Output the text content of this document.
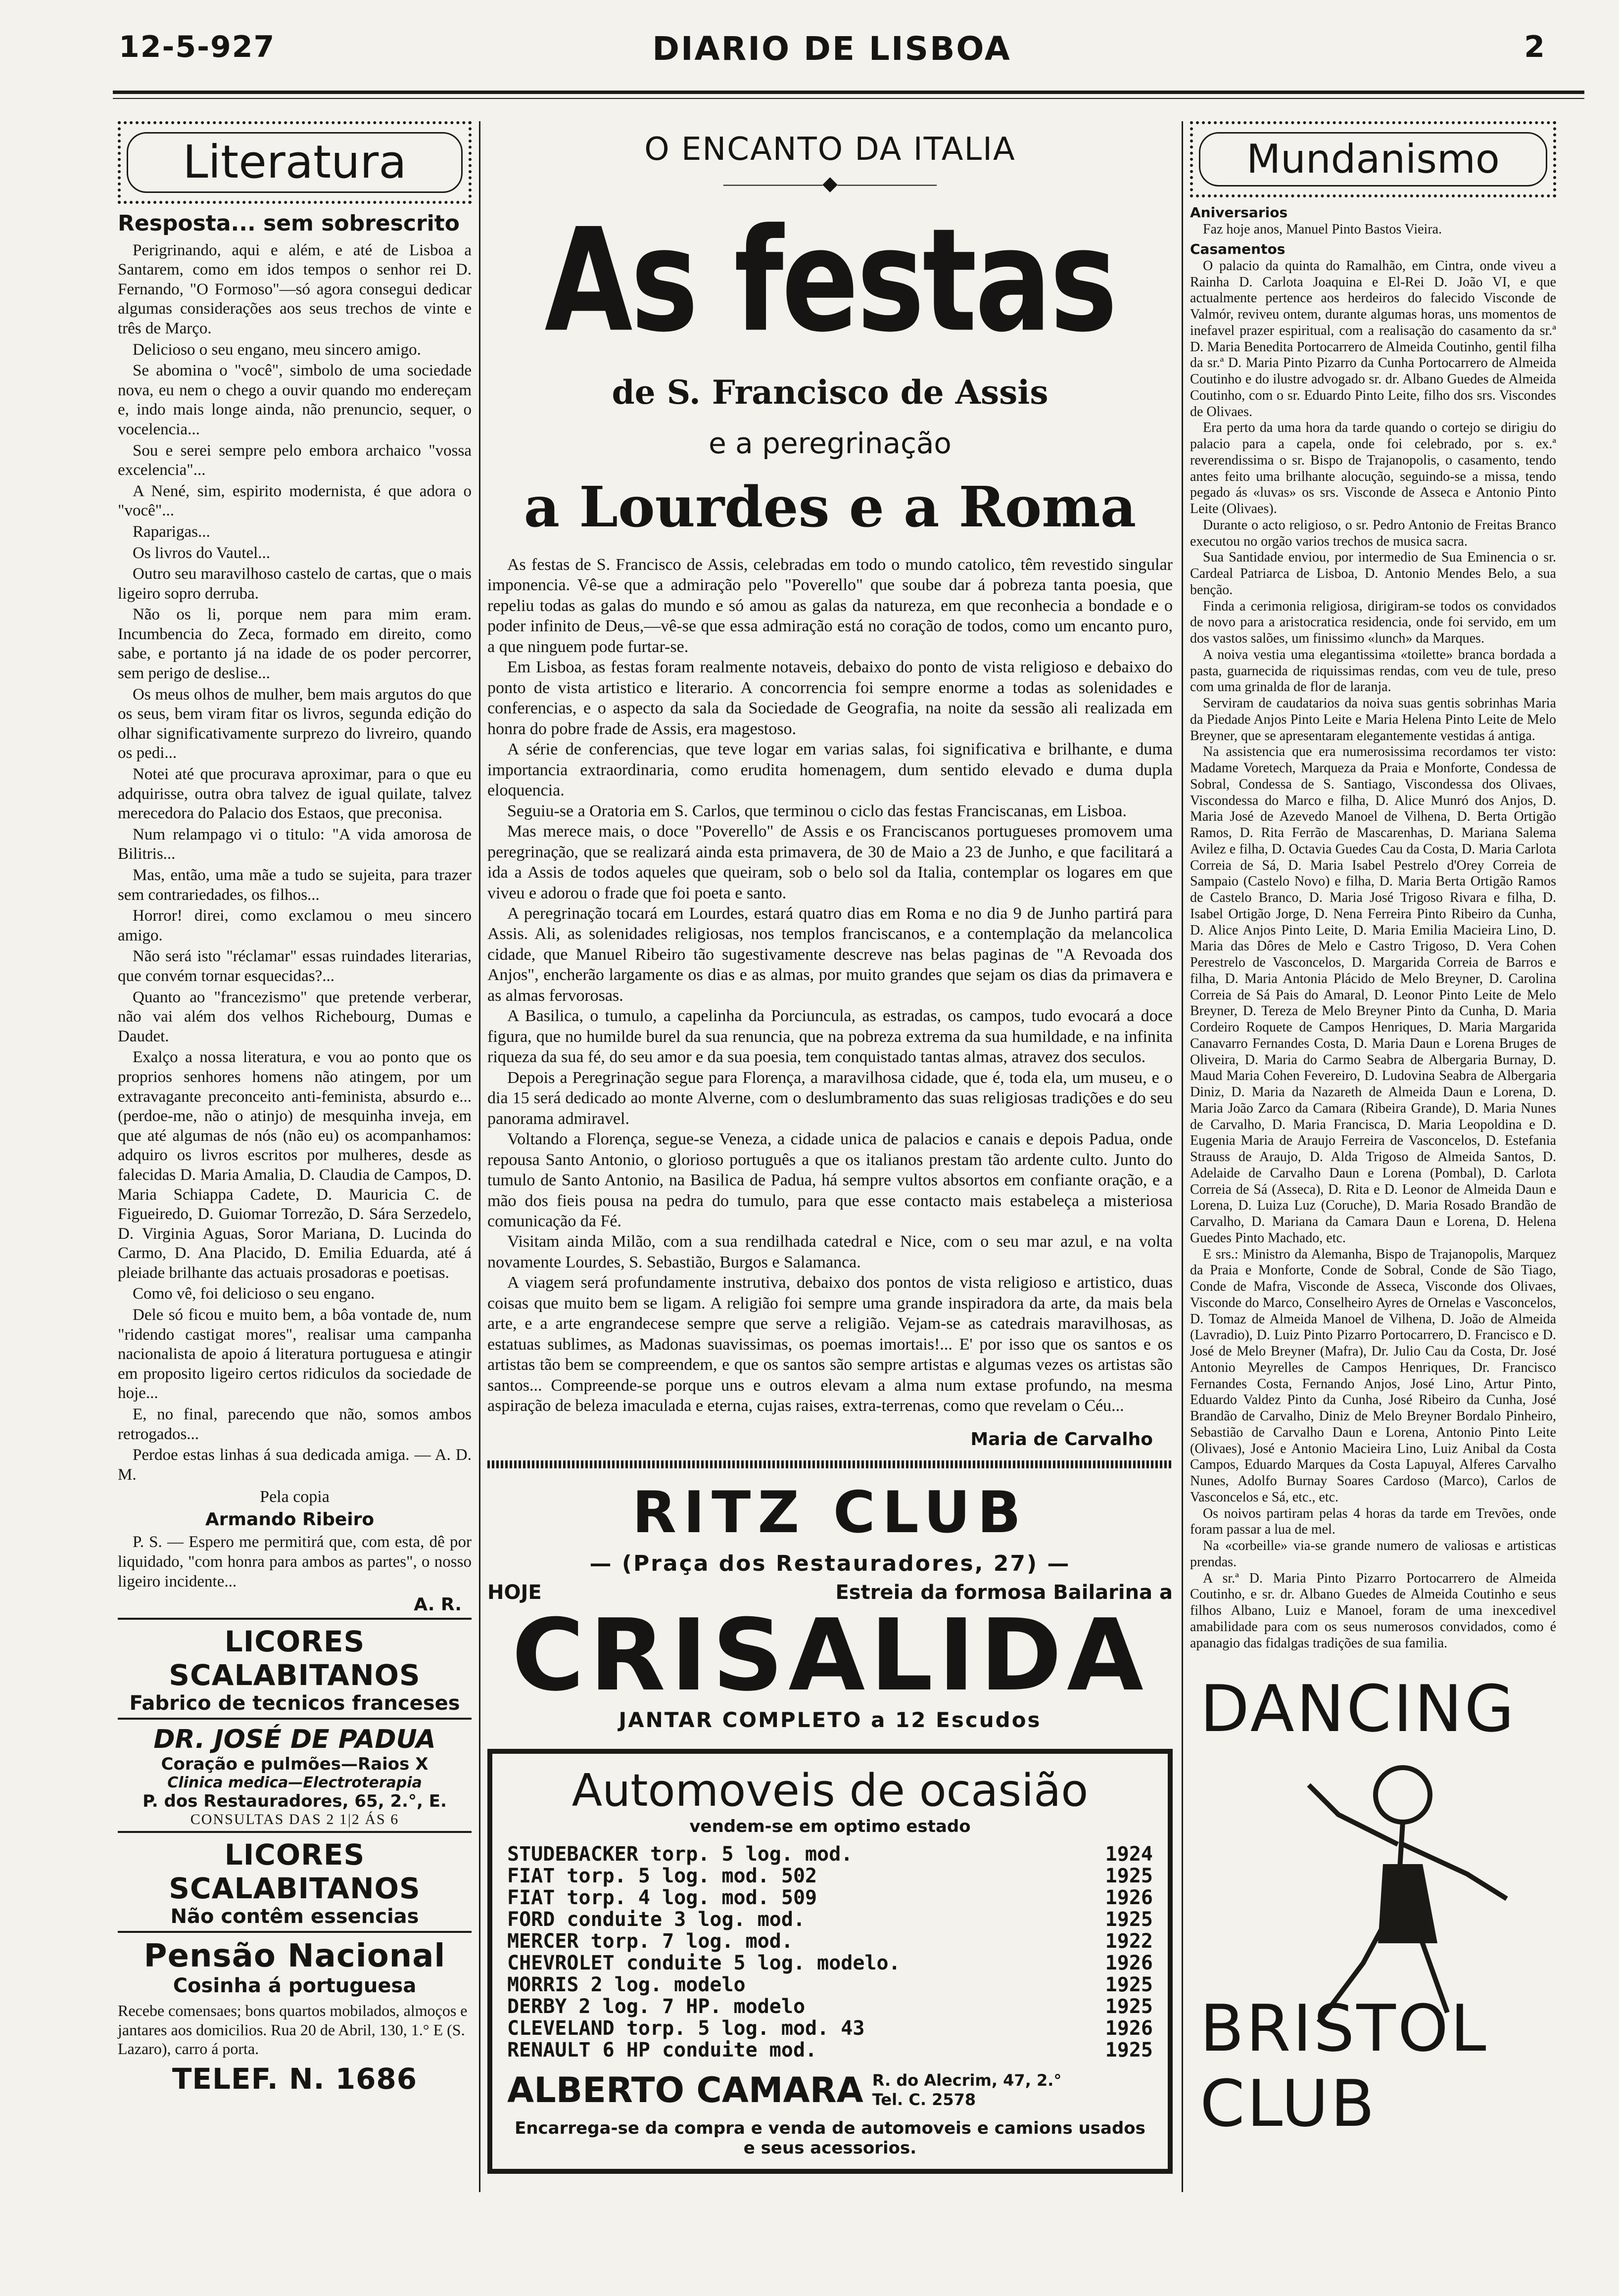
12-5-927	DIARIO DE LISBOA	2
Literatura
Resposta... sem sobrescrito

Perigrinando, aqui e além, e até de Lisboa a Santarem, como em idos tempos o senhor rei D. Fernando, "O Formoso"—só agora consegui dedicar algumas considerações aos seus trechos de vinte e três de Março.

Delicioso o seu engano, meu sincero amigo.

Se abomina o "você", simbolo de uma sociedade nova, eu nem o chego a ouvir quando mo endereçam e, indo mais longe ainda, não prenuncio, sequer, o vocelencia...

Sou e serei sempre pelo embora archaico "vossa excelencia"...

A Nené, sim, espirito modernista, é que adora o "você"...

Raparigas...

Os livros do Vautel...

Outro seu maravilhoso castelo de cartas, que o mais ligeiro sopro derruba.

Não os li, porque nem para mim eram. Incumbencia do Zeca, formado em direito, como sabe, e portanto já na idade de os poder percorrer, sem perigo de deslise...

Os meus olhos de mulher, bem mais argutos do que os seus, bem viram fitar os livros, segunda edição do olhar significativamente surprezo do livreiro, quando os pedi...

Notei até que procurava aproximar, para o que eu adquirisse, outra obra talvez de igual quilate, talvez merecedora do Palacio dos Estaos, que preconisa.

Num relampago vi o titulo: "A vida amorosa de Bilitris...

Mas, então, uma mãe a tudo se sujeita, para trazer sem contrariedades, os filhos...

Horror! direi, como exclamou o meu sincero amigo.

Não será isto "réclamar" essas ruindades literarias, que convém tornar esquecidas?...

Quanto ao "francezismo" que pretende verberar, não vai além dos velhos Richebourg, Dumas e Daudet.

Exalço a nossa literatura, e vou ao ponto que os proprios senhores homens não atingem, por um extravagante preconceito anti-feminista, absurdo e... (perdoe-me, não o atinjo) de mesquinha inveja, em que até algumas de nós (não eu) os acompanhamos: adquiro os livros escritos por mulheres, desde as falecidas D. Maria Amalia, D. Claudia de Campos, D. Maria Schiappa Cadete, D. Mauricia C. de Figueiredo, D. Guiomar Torrezão, D. Sára Serzedelo, D. Virginia Aguas, Soror Mariana, D. Lucinda do Carmo, D. Ana Placido, D. Emilia Eduarda, até á pleiade brilhante das actuais prosadoras e poetisas.

Como vê, foi delicioso o seu engano.

Dele só ficou e muito bem, a bôa vontade de, num "ridendo castigat mores", realisar uma campanha nacionalista de apoio á literatura portuguesa e atingir em proposito ligeiro certos ridiculos da sociedade de hoje...

E, no final, parecendo que não, somos ambos retrogados...

Perdoe estas linhas á sua dedicada amiga. — A. D. M.

Pela copia
Armando Ribeiro

P. S. — Espero me permitirá que, com esta, dê por liquidado, "com honra para ambos as partes", o nosso ligeiro incidente...

A. R.
LICORES SCALABITANOS
Fabrico de tecnicos franceses
DR. JOSÉ DE PADUA
Coração e pulmões—Raios X
Clinica medica—Electroterapia
P. dos Restauradores, 65, 2.°, E.
CONSULTAS DAS 2 1|2 ÁS 6
LICORES SCALABITANOS
Não contêm essencias
Pensão Nacional
Cosinha á portuguesa
Recebe comensaes; bons quartos mobilados, almoços e jantares aos domicilios. Rua 20 de Abril, 130, 1.° E (S. Lazaro), carro á porta.
TELEF. N. 1686
O ENCANTO DA ITALIA
—————◆—————
As festas
de S. Francisco de Assis
e a peregrinação
a Lourdes e a Roma

As festas de S. Francisco de Assis, celebradas em todo o mundo catolico, têm revestido singular imponencia. Vê-se que a admiração pelo "Poverello" que soube dar á pobreza tanta poesia, que repeliu todas as galas do mundo e só amou as galas da natureza, em que reconhecia a bondade e o poder infinito de Deus,—vê-se que essa admiração está no coração de todos, como um encanto puro, a que ninguem pode furtar-se.

Em Lisboa, as festas foram realmente notaveis, debaixo do ponto de vista religioso e debaixo do ponto de vista artistico e literario. A concorrencia foi sempre enorme a todas as solenidades e conferencias, e o aspecto da sala da Sociedade de Geografia, na noite da sessão ali realizada em honra do pobre frade de Assis, era magestoso.

A série de conferencias, que teve logar em varias salas, foi significativa e brilhante, e duma importancia extraordinaria, como erudita homenagem, dum sentido elevado e duma dupla eloquencia.

Seguiu-se a Oratoria em S. Carlos, que terminou o ciclo das festas Franciscanas, em Lisboa.

Mas merece mais, o doce "Poverello" de Assis e os Franciscanos portugueses promovem uma peregrinação, que se realizará ainda esta primavera, de 30 de Maio a 23 de Junho, e que facilitará a ida a Assis de todos aqueles que queiram, sob o belo sol da Italia, contemplar os logares em que viveu e adorou o frade que foi poeta e santo.

A peregrinação tocará em Lourdes, estará quatro dias em Roma e no dia 9 de Junho partirá para Assis. Ali, as solenidades religiosas, nos templos franciscanos, e a contemplação da melancolica cidade, que Manuel Ribeiro tão sugestivamente descreve nas belas paginas de "A Revoada dos Anjos", encherão largamente os dias e as almas, por muito grandes que sejam os dias da primavera e as almas fervorosas.

A Basilica, o tumulo, a capelinha da Porciuncula, as estradas, os campos, tudo evocará a doce figura, que no humilde burel da sua renuncia, que na pobreza extrema da sua humildade, e na infinita riqueza da sua fé, do seu amor e da sua poesia, tem conquistado tantas almas, atravez dos seculos.

Depois a Peregrinação segue para Florença, a maravilhosa cidade, que é, toda ela, um museu, e o dia 15 será dedicado ao monte Alverne, com o deslumbramento das suas religiosas tradições e do seu panorama admiravel.

Voltando a Florença, segue-se Veneza, a cidade unica de palacios e canais e depois Padua, onde repousa Santo Antonio, o glorioso português a que os italianos prestam tão ardente culto. Junto do tumulo de Santo Antonio, na Basilica de Padua, há sempre vultos absortos em confiante oração, e a mão dos fieis pousa na pedra do tumulo, para que esse contacto mais estabeleça a misteriosa comunicação da Fé.

Visitam ainda Milão, com a sua rendilhada catedral e Nice, com o seu mar azul, e na volta novamente Lourdes, S. Sebastião, Burgos e Salamanca.

A viagem será profundamente instrutiva, debaixo dos pontos de vista religioso e artistico, duas coisas que muito bem se ligam. A religião foi sempre uma grande inspiradora da arte, da mais bela arte, e a arte engrandecese sempre que serve a religião. Vejam-se as catedrais maravilhosas, as estatuas sublimes, as Madonas suavissimas, os poemas imortais!... E' por isso que os santos e os artistas tão bem se compreendem, e que os santos são sempre artistas e algumas vezes os artistas são santos... Compreende-se porque uns e outros elevam a alma num extase profundo, na mesma aspiração de beleza imaculada e eterna, cujas raises, extra-terrenas, como que revelam o Céu...

Maria de Carvalho
RITZ CLUB
— (Praça dos Restauradores, 27) —
HOJE	Estreia da formosa Bailarina a
CRISALIDA
JANTAR COMPLETO a 12 Escudos
Automoveis de ocasião
vendem-se em optimo estado
STUDEBACKER torp. 5 log. mod.	1924
FIAT torp. 5 log. mod. 502	1925
FIAT torp. 4 log. mod. 509	1926
FORD conduite 3 log. mod.	1925
MERCER torp. 7 log. mod.	1922
CHEVROLET conduite 5 log. modelo.	1926
MORRIS 2 log. modelo	1925
DERBY 2 log. 7 HP. modelo	1925
CLEVELAND torp. 5 log. mod. 43	1926
RENAULT 6 HP conduite mod.	1925
ALBERTO CAMARA R. do Alecrim, 47, 2.°
Tel. C. 2578
Encarrega-se da compra e venda de automoveis e camions usados e seus acessorios.
Mundanismo
Aniversarios

Faz hoje anos, Manuel Pinto Bastos Vieira.

Casamentos

O palacio da quinta do Ramalhão, em Cintra, onde viveu a Rainha D. Carlota Joaquina e El-Rei D. João VI, e que actualmente pertence aos herdeiros do falecido Visconde de Valmór, reviveu ontem, durante algumas horas, uns momentos de inefavel prazer espiritual, com a realisação do casamento da sr.ª D. Maria Benedita Portocarrero de Almeida Coutinho, gentil filha da sr.ª D. Maria Pinto Pizarro da Cunha Portocarrero de Almeida Coutinho e do ilustre advogado sr. dr. Albano Guedes de Almeida Coutinho, com o sr. Eduardo Pinto Leite, filho dos srs. Viscondes de Olivaes.

Era perto da uma hora da tarde quando o cortejo se dirigiu do palacio para a capela, onde foi celebrado, por s. ex.ª reverendissima o sr. Bispo de Trajanopolis, o casamento, tendo antes feito uma brilhante alocução, seguindo-se a missa, tendo pegado ás «luvas» os srs. Visconde de Asseca e Antonio Pinto Leite (Olivaes).

Durante o acto religioso, o sr. Pedro Antonio de Freitas Branco executou no orgão varios trechos de musica sacra.

Sua Santidade enviou, por intermedio de Sua Eminencia o sr. Cardeal Patriarca de Lisboa, D. Antonio Mendes Belo, a sua benção.

Finda a cerimonia religiosa, dirigiram-se todos os convidados de novo para a aristocratica residencia, onde foi servido, em um dos vastos salões, um finissimo «lunch» da Marques.

A noiva vestia uma elegantissima «toilette» branca bordada a pasta, guarnecida de riquissimas rendas, com veu de tule, preso com uma grinalda de flor de laranja.

Serviram de caudatarios da noiva suas gentis sobrinhas Maria da Piedade Anjos Pinto Leite e Maria Helena Pinto Leite de Melo Breyner, que se apresentaram elegantemente vestidas á antiga.

Na assistencia que era numerosissima recordamos ter visto: Madame Voretech, Marqueza da Praia e Monforte, Condessa de Sobral, Condessa de S. Santiago, Viscondessa dos Olivaes, Viscondessa do Marco e filha, D. Alice Munró dos Anjos, D. Maria José de Azevedo Manoel de Vilhena, D. Berta Ortigão Ramos, D. Rita Ferrão de Mascarenhas, D. Mariana Salema Avilez e filha, D. Octavia Guedes Cau da Costa, D. Maria Carlota Correia de Sá, D. Maria Isabel Pestrelo d'Orey Correia de Sampaio (Castelo Novo) e filha, D. Maria Berta Ortigão Ramos de Castelo Branco, D. Maria José Trigoso Rivara e filha, D. Isabel Ortigão Jorge, D. Nena Ferreira Pinto Ribeiro da Cunha, D. Alice Anjos Pinto Leite, D. Maria Emilia Macieira Lino, D. Maria das Dôres de Melo e Castro Trigoso, D. Vera Cohen Perestrelo de Vasconcelos, D. Margarida Correia de Barros e filha, D. Maria Antonia Plácido de Melo Breyner, D. Carolina Correia de Sá Pais do Amaral, D. Leonor Pinto Leite de Melo Breyner, D. Tereza de Melo Breyner Pinto da Cunha, D. Maria Cordeiro Roquete de Campos Henriques, D. Maria Margarida Canavarro Fernandes Costa, D. Maria Daun e Lorena Bruges de Oliveira, D. Maria do Carmo Seabra de Albergaria Burnay, D. Maud Maria Cohen Fevereiro, D. Ludovina Seabra de Albergaria Diniz, D. Maria da Nazareth de Almeida Daun e Lorena, D. Maria João Zarco da Camara (Ribeira Grande), D. Maria Nunes de Carvalho, D. Maria Francisca, D. Maria Leopoldina e D. Eugenia Maria de Araujo Ferreira de Vasconcelos, D. Estefania Strauss de Araujo, D. Alda Trigoso de Almeida Santos, D. Adelaide de Carvalho Daun e Lorena (Pombal), D. Carlota Correia de Sá (Asseca), D. Rita e D. Leonor de Almeida Daun e Lorena, D. Luiza Luz (Coruche), D. Maria Rosado Brandão de Carvalho, D. Mariana da Camara Daun e Lorena, D. Helena Guedes Pinto Machado, etc.

E srs.: Ministro da Alemanha, Bispo de Trajanopolis, Marquez da Praia e Monforte, Conde de Sobral, Conde de São Tiago, Conde de Mafra, Visconde de Asseca, Visconde dos Olivaes, Visconde do Marco, Conselheiro Ayres de Ornelas e Vasconcelos, D. Tomaz de Almeida Manoel de Vilhena, D. João de Almeida (Lavradio), D. Luiz Pinto Pizarro Portocarrero, D. Francisco e D. José de Melo Breyner (Mafra), Dr. Julio Cau da Costa, Dr. José Antonio Meyrelles de Campos Henriques, Dr. Francisco Fernandes Costa, Fernando Anjos, José Lino, Artur Pinto, Eduardo Valdez Pinto da Cunha, José Ribeiro da Cunha, José Brandão de Carvalho, Diniz de Melo Breyner Bordalo Pinheiro, Sebastião de Carvalho Daun e Lorena, Antonio Pinto Leite (Olivaes), José e Antonio Macieira Lino, Luiz Anibal da Costa Campos, Eduardo Marques da Costa Lapuyal, Alferes Carvalho Nunes, Adolfo Burnay Soares Cardoso (Marco), Carlos de Vasconcelos e Sá, etc., etc.

Os noivos partiram pelas 4 horas da tarde em Trevões, onde foram passar a lua de mel.

Na «corbeille» via-se grande numero de valiosas e artisticas prendas.

A sr.ª D. Maria Pinto Pizarro Portocarrero de Almeida Coutinho, e sr. dr. Albano Guedes de Almeida Coutinho e seus filhos Albano, Luiz e Manoel, foram de uma inexcedivel amabilidade para com os seus numerosos convidados, como é apanagio das fidalgas tradições de sua familia.

DANCING
BRISTOL CLUB
